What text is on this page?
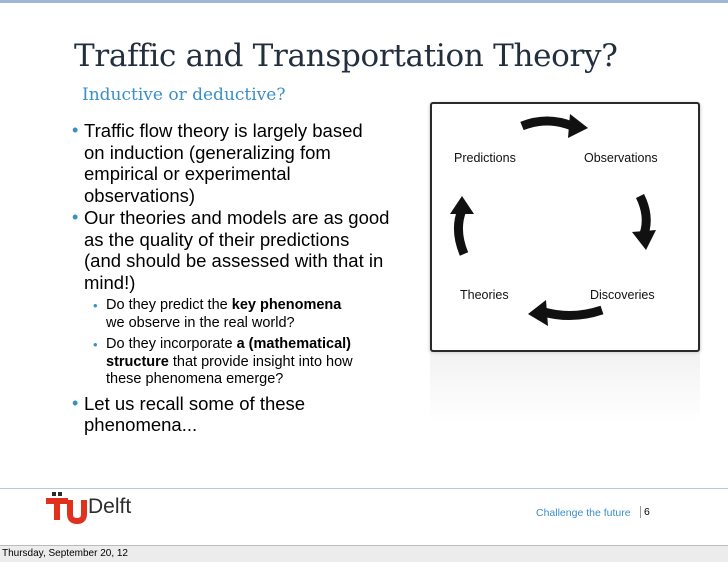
Traffic and Transportation Theory?
Inductive or deductive?
• Traffic flow theory is largely based
on induction (generalizing fom
empirical or experimental
observations)
• Our theories and models are as good
as the quality of their predictions
(and should be assessed with that in
mind!)
• Do they predict the key phenomena
we observe in the real world?
• Do they incorporate a (mathematical)
structure that provide insight into how
these phenomena emerge?
• Let us recall some of these
phenomena...
Predictions	Observations
Theories	Discoveries
Delft	Challenge the future	6
Thursday, September 20, 12
